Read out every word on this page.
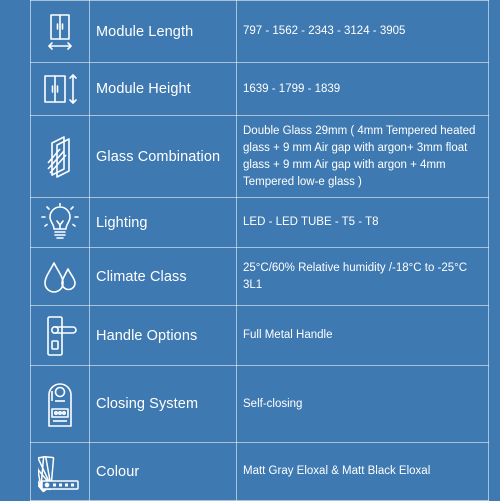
	Module Length	797 - 1562 - 2343 - 3124 - 3905

	Module Height	1639 - 1799 - 1839

	Glass Combination	Double Glass 29mm ( 4mm Tempered heated glass + 9 mm Air gap with argon+ 3mm float glass + 9 mm Air gap with argon + 4mm Tempered low-e glass )

	Lighting	LED - LED TUBE - T5 - T8

	Climate Class	25°C/60% Relative humidity /-18°C to -25°C 3L1

	Handle Options	Full Metal Handle

	Closing System	Self-closing

	Colour	Matt Gray Eloxal & Matt Black Eloxal
